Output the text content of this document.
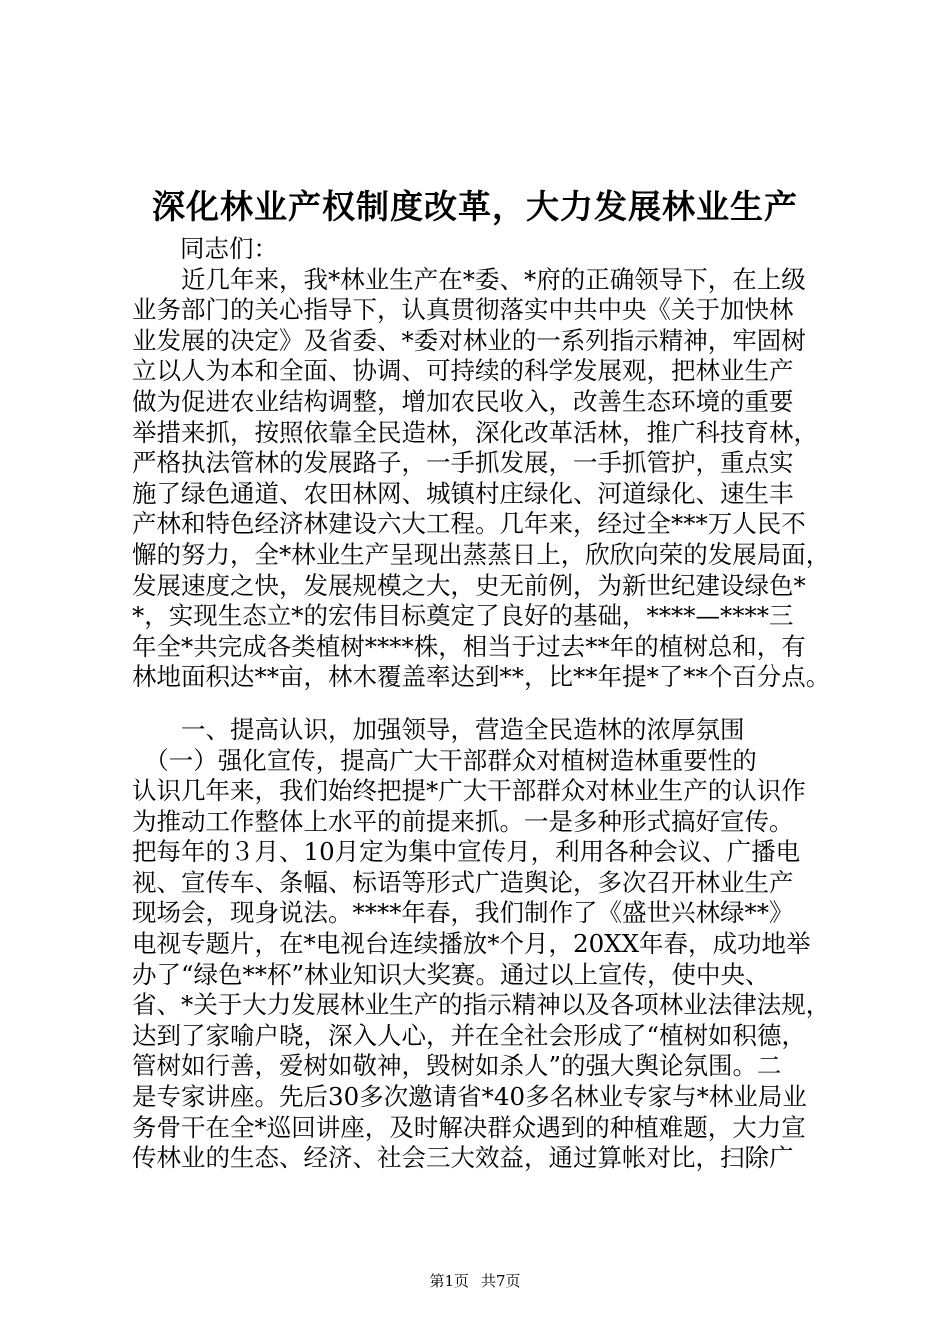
深化林业产权制度改革，大力发展林业生产
同志们：
　　近几年来，我*林业生产在*委、*府的正确领导下，在上级
业务部门的关心指导下，认真贯彻落实中共中央《关于加快林
业发展的决定》及省委、*委对林业的一系列指示精神，牢固树
立以人为本和全面、协调、可持续的科学发展观，把林业生产
做为促进农业结构调整，增加农民收入，改善生态环境的重要
举措来抓，按照依靠全民造林，深化改革活林，推广科技育林，
严格执法管林的发展路子，一手抓发展，一手抓管护，重点实
施了绿色通道、农田林网、城镇村庄绿化、河道绿化、速生丰
产林和特色经济林建设六大工程。几年来，经过全***万人民不
懈的努力，全*林业生产呈现出蒸蒸日上，欣欣向荣的发展局面，
发展速度之快，发展规模之大，史无前例，为新世纪建设绿色*
*，实现生态立*的宏伟目标奠定了良好的基础，****—****三
年全*共完成各类植树****株，相当于过去**年的植树总和，有
林地面积达**亩，林木覆盖率达到**，比**年提*了**个百分点。
　　一、提高认识，加强领导，营造全民造林的浓厚氛围
　（一）强化宣传，提高广大干部群众对植树造林重要性的
认识几年来，我们始终把提*广大干部群众对林业生产的认识作
为推动工作整体上水平的前提来抓。一是多种形式搞好宣传。
把每年的３月、10月定为集中宣传月，利用各种会议、广播电
视、宣传车、条幅、标语等形式广造舆论，多次召开林业生产
现场会，现身说法。****年春，我们制作了《盛世兴林绿**》
电视专题片，在*电视台连续播放*个月，20XX年春，成功地举
办了“绿色**杯”林业知识大奖赛。通过以上宣传，使中央、
省、*关于大力发展林业生产的指示精神以及各项林业法律法规，
达到了家喻户晓，深入人心，并在全社会形成了“植树如积德，
管树如行善，爱树如敬神，毁树如杀人”的强大舆论氛围。二
是专家讲座。先后30多次邀请省*40多名林业专家与*林业局业
务骨干在全*巡回讲座，及时解决群众遇到的种植难题，大力宣
传林业的生态、经济、社会三大效益，通过算帐对比，扫除广
第1页 共7页
